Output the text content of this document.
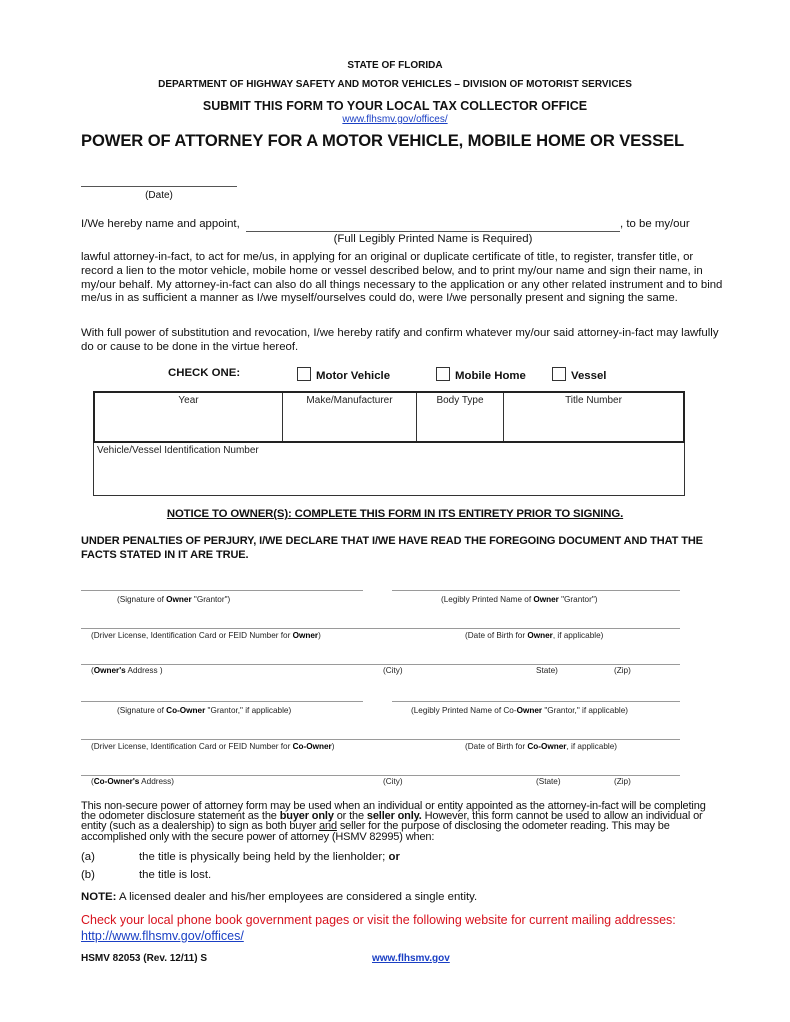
STATE OF FLORIDA
DEPARTMENT OF HIGHWAY SAFETY AND MOTOR VEHICLES – DIVISION OF MOTORIST SERVICES
SUBMIT THIS FORM TO YOUR LOCAL TAX COLLECTOR OFFICE
www.flhsmv.gov/offices/
POWER OF ATTORNEY FOR A MOTOR VEHICLE, MOBILE HOME OR VESSEL
(Date)
I/We hereby name and appoint,	, to be my/our
(Full Legibly Printed Name is Required)
lawful attorney-in-fact, to act for me/us, in applying for an original or duplicate certificate of title, to register, transfer title, or record a lien to the motor vehicle, mobile home or vessel described below, and to print my/our name and sign their name, in my/our behalf. My attorney-in-fact can also do all things necessary to the application or any other related instrument and to bind me/us in as sufficient a manner as I/we myself/ourselves could do, were I/we personally present and signing the same.
With full power of substitution and revocation, I/we hereby ratify and confirm whatever my/our said attorney-in-fact may lawfully do or cause to be done in the virtue hereof.
CHECK ONE:	Motor Vehicle	Mobile Home	Vessel
Year	Make/Manufacturer	Body Type	Title Number
Vehicle/Vessel Identification Number
NOTICE TO OWNER(S): COMPLETE THIS FORM IN ITS ENTIRETY PRIOR TO SIGNING.
UNDER PENALTIES OF PERJURY, I/WE DECLARE THAT I/WE HAVE READ THE FOREGOING DOCUMENT AND THAT THE FACTS STATED IN IT ARE TRUE.
(Signature of Owner "Grantor")	(Legibly Printed Name of Owner "Grantor")
(Driver License, Identification Card or FEID Number for Owner)	(Date of Birth for Owner, if applicable)
(Owner's Address )	(City)	State)	(Zip)
(Signature of Co-Owner "Grantor," if applicable)	(Legibly Printed Name of Co-Owner "Grantor," if applicable)
(Driver License, Identification Card or FEID Number for Co-Owner)	(Date of Birth for Co-Owner, if applicable)
(Co-Owner's Address)	(City)	(State)	(Zip)
This non-secure power of attorney form may be used when an individual or entity appointed as the attorney-in-fact will be completing the odometer disclosure statement as the buyer only or the seller only. However, this form cannot be used to allow an individual or entity (such as a dealership) to sign as both buyer and seller for the purpose of disclosing the odometer reading. This may be accomplished only with the secure power of attorney (HSMV 82995) when:
(a)	the title is physically being held by the lienholder; or
(b)	the title is lost.
NOTE: A licensed dealer and his/her employees are considered a single entity.
Check your local phone book government pages or visit the following website for current mailing addresses:
http://www.flhsmv.gov/offices/
HSMV 82053 (Rev. 12/11) S	www.flhsmv.gov
